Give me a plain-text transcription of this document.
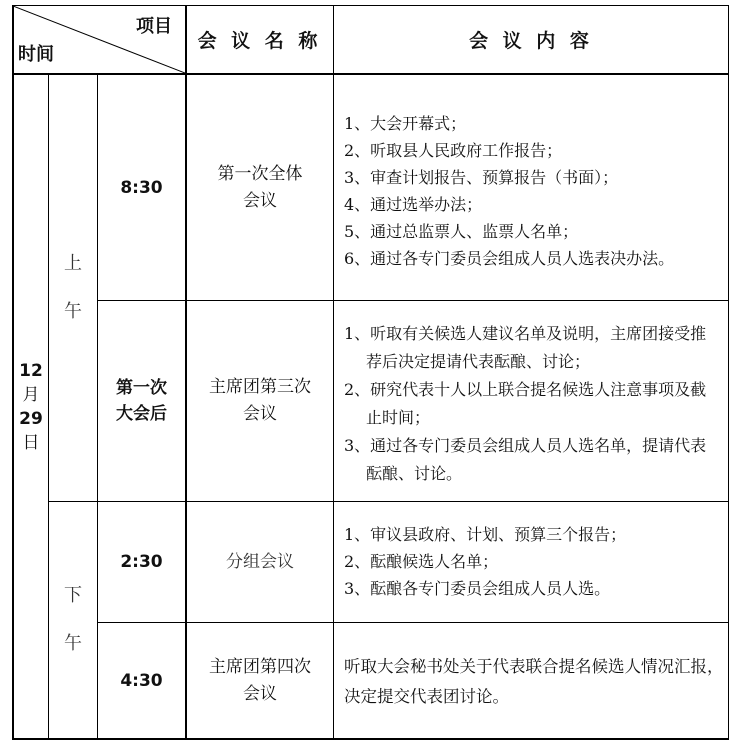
项目
时间
会 议 名 称	会 议 内 容
12
月
29
日
上
午
下
午
8:30
第一次全体
会议
1、大会开幕式；
2、听取县人民政府工作报告；
3、审查计划报告、预算报告（书面）；
4、通过选举办法；
5、通过总监票人、监票人名单；
6、通过各专门委员会组成人员人选表决办法。
第一次
大会后
主席团第三次
会议
1、听取有关候选人建议名单及说明，主席团接受推荐后决定提请代表酝酿、讨论；
2、研究代表十人以上联合提名候选人注意事项及截止时间；
3、通过各专门委员会组成人员人选名单，提请代表酝酿、讨论。
2:30	分组会议
1、审议县政府、计划、预算三个报告；
2、酝酿候选人名单；
3、酝酿各专门委员会组成人员人选。
4:30
主席团第四次
会议
听取大会秘书处关于代表联合提名候选人情况汇报，决定提交代表团讨论。
